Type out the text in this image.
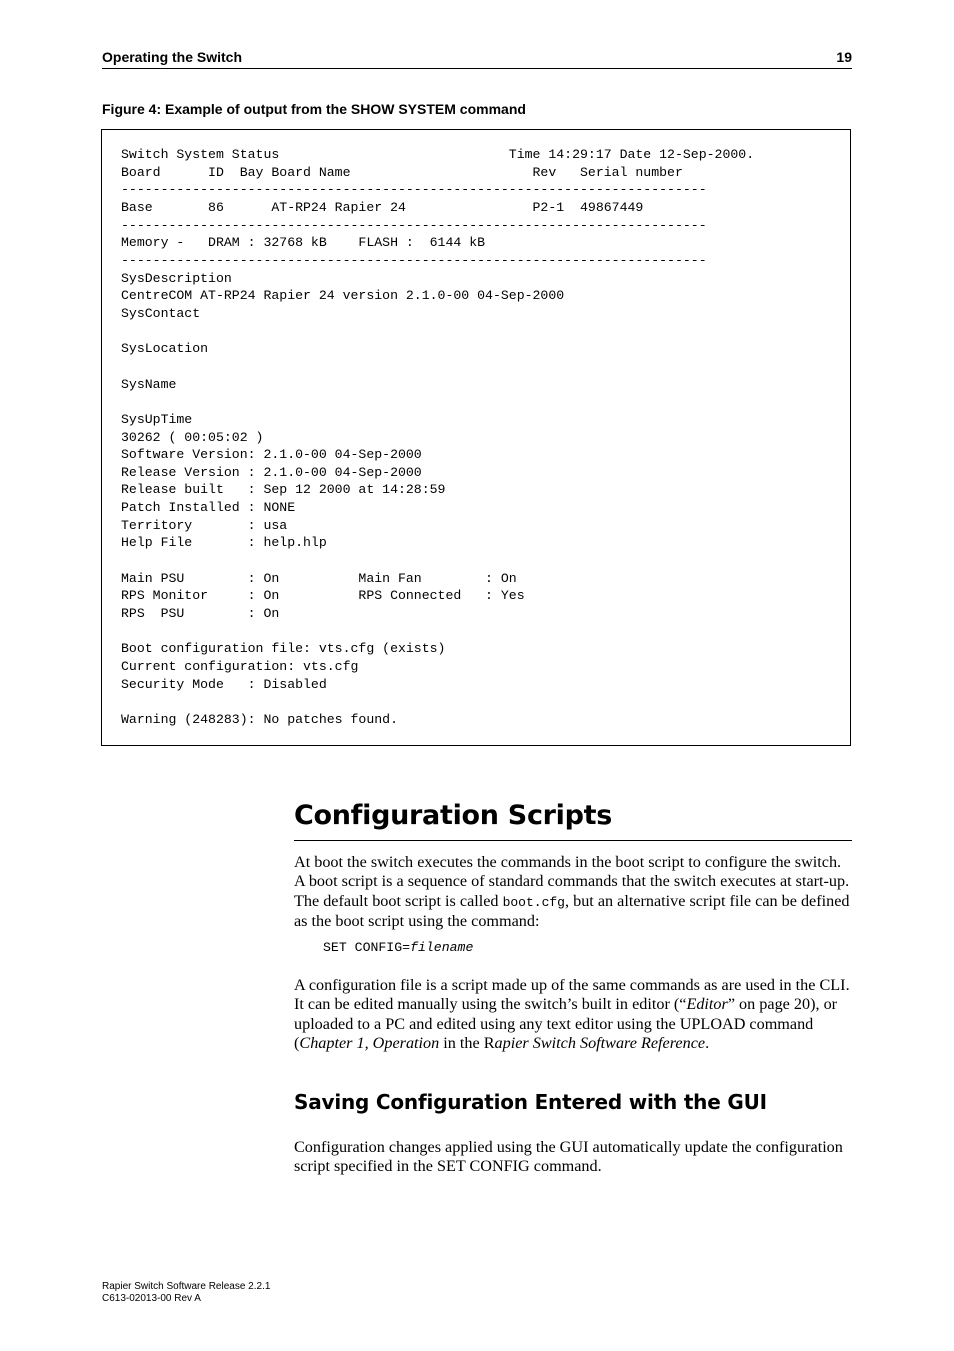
Operating the Switch	19
Figure 4: Example of output from the SHOW SYSTEM command
Switch System Status                             Time 14:29:17 Date 12-Sep-2000.
Board      ID  Bay Board Name                       Rev   Serial number
--------------------------------------------------------------------------
Base       86      AT-RP24 Rapier 24                P2-1  49867449
--------------------------------------------------------------------------
Memory -   DRAM : 32768 kB    FLASH :  6144 kB
--------------------------------------------------------------------------
SysDescription
CentreCOM AT-RP24 Rapier 24 version 2.1.0-00 04-Sep-2000
SysContact

SysLocation

SysName

SysUpTime
30262 ( 00:05:02 )
Software Version: 2.1.0-00 04-Sep-2000
Release Version : 2.1.0-00 04-Sep-2000
Release built   : Sep 12 2000 at 14:28:59
Patch Installed : NONE
Territory       : usa
Help File       : help.hlp

Main PSU        : On          Main Fan        : On
RPS Monitor     : On          RPS Connected   : Yes
RPS  PSU        : On

Boot configuration file: vts.cfg (exists)
Current configuration: vts.cfg
Security Mode   : Disabled

Warning (248283): No patches found.
Configuration Scripts
At boot the switch executes the commands in the boot script to configure the switch. A boot script is a sequence of standard commands that the switch executes at start-up. The default boot script is called boot.cfg, but an alternative script file can be defined as the boot script using the command:
SET CONFIG=filename
A configuration file is a script made up of the same commands as are used in the CLI. It can be edited manually using the switch’s built in editor (“Editor” on page 20), or uploaded to a PC and edited using any text editor using the UPLOAD command (Chapter 1, Operation in the Rapier Switch Software Reference.
Saving Configuration Entered with the GUI
Configuration changes applied using the GUI automatically update the configuration script specified in the SET CONFIG command.
Rapier Switch Software Release 2.2.1
C613-02013-00 Rev A
